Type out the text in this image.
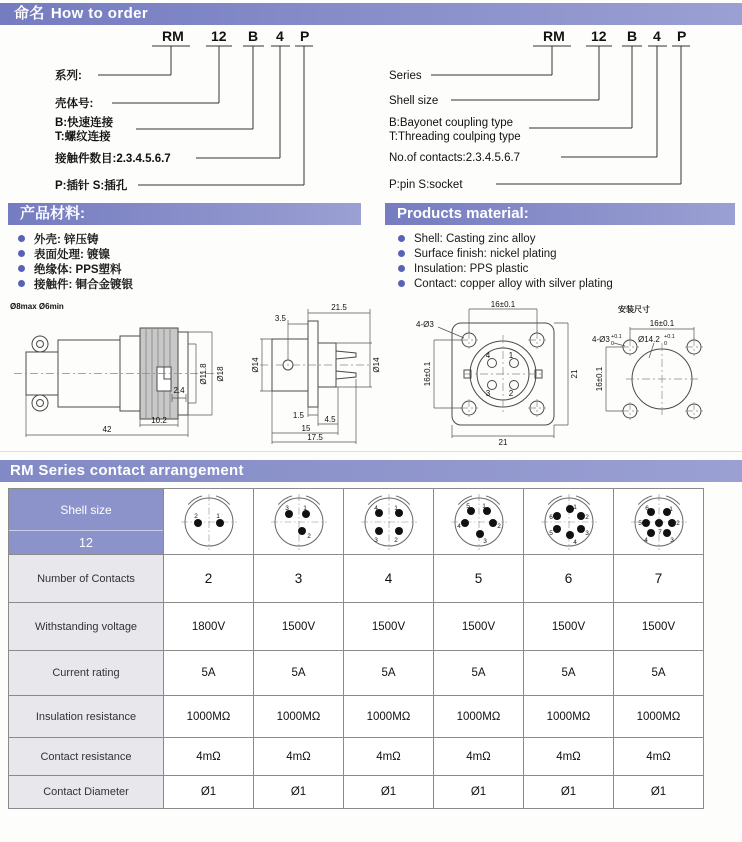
命名 How to order
RM 12 B 4 P
系列:
壳体号:
B:快速连接
T:螺纹连接
接触件数目:2.3.4.5.6.7
P:插针 S:插孔
RM 12 B 4 P
Series
Shell size
B:Bayonet coupling type
T:Threading coulping type
No.of contacts:2.3.4.5.6.7
P:pin S:socket
产品材料:	Products material:
外壳: 锌压铸
表面处理: 镀镍
绝缘体: PPS塑料
接触件: 铜合金镀银
Shell: Casting zinc alloy
Surface finish: nickel plating
Insulation: PPS plastic
Contact: copper alloy with silver plating
Ø8max Ø6min
Ø11.8 Ø18
2.4
10.2
42
21.5
3.5
Ø14	Ø14
1.5	4.5
15
17.5
16±0.1
4-Ø3
16±0.1	21
21
4 1
3 2
安装尺寸
16±0.1
4-Ø3 +0.1
0	Ø14.2 +0.1
0
16±0.1
RM Series contact arrangement
Shell size
12
2	1
3 1
2
4	1
3	2
5 1
4	2
3
1
2
3
4
5
6
6	1
2
3
4
5
7
Number of Contacts	2	3	4	5	6	7
Withstanding voltage	1800V	1500V	1500V	1500V	1500V	1500V
Current rating	5A	5A	5A	5A	5A	5A
Insulation resistance	1000MΩ	1000MΩ	1000MΩ	1000MΩ	1000MΩ	1000MΩ
Contact resistance	4mΩ	4mΩ	4mΩ	4mΩ	4mΩ	4mΩ
Contact Diameter	Ø1	Ø1	Ø1	Ø1	Ø1	Ø1
